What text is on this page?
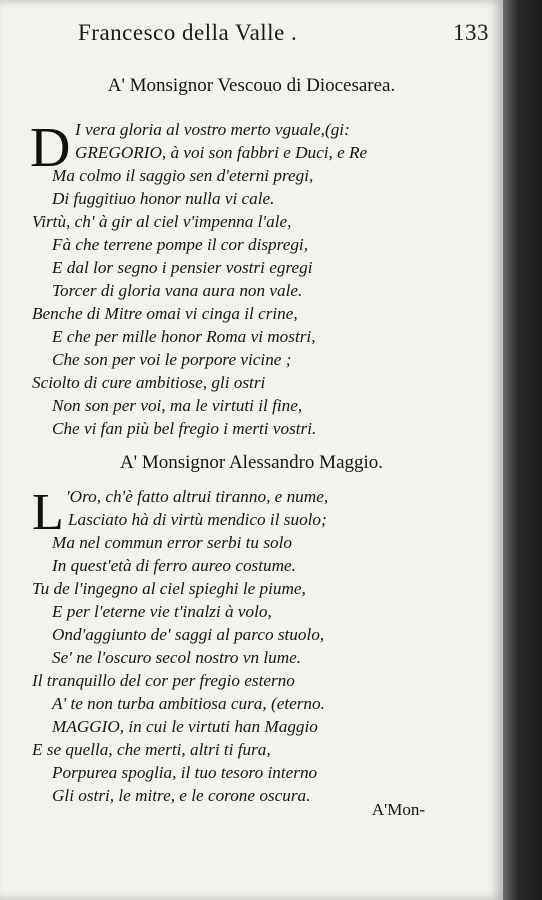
Francesco della Valle .	133
A' Monsignor Vescouo di Diocesarea.
D I vera gloria al vostro merto vguale,(gi:
GREGORIO, à voi son fabbri e Duci, e Re
Ma colmo il saggio sen d'eterni pregi,
Di fuggitiuo honor nulla vi cale.
Virtù, ch' à gir al ciel v'impenna l'ale,
Fà che terrene pompe il cor dispregi,
E dal lor segno i pensier vostri egregi
Torcer di gloria vana aura non vale.
Benche di Mitre omai vi cinga il crine,
E che per mille honor Roma vi mostri,
Che son per voi le porpore vicine ;
Sciolto di cure ambitiose, gli ostri
Non son per voi, ma le virtuti il fine,
Che vi fan più bel fregio i merti vostri.
A' Monsignor Alessandro Maggio.
L 'Oro, ch'è fatto altrui tiranno, e nume,
Lasciato hà di virtù mendico il suolo;
Ma nel commun error serbi tu solo
In quest'età di ferro aureo costume.
Tu de l'ingegno al ciel spieghi le piume,
E per l'eterne vie t'inalzi à volo,
Ond'aggiunto de' saggi al parco stuolo,
Se' ne l'oscuro secol nostro vn lume.
Il tranquillo del cor per fregio esterno
A' te non turba ambitiosa cura, (eterno.
MAGGIO, in cui le virtuti han Maggio
E se quella, che merti, altri ti fura,
Porpurea spoglia, il tuo tesoro interno
Gli ostri, le mitre, e le corone oscura.
A'Mon-
